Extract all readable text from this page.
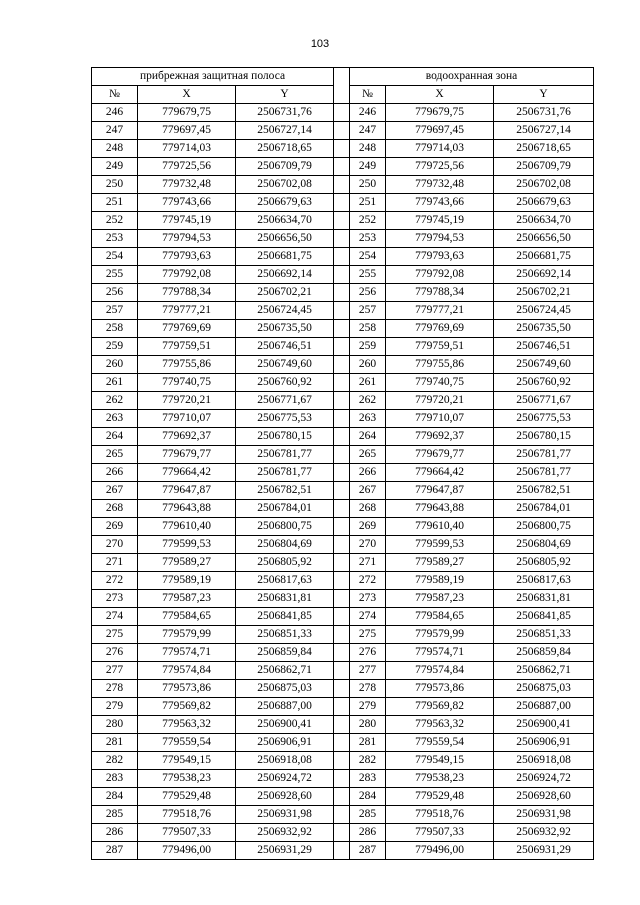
103
прибрежная защитная полоса				водоохранная зона		
№	X	Y		№	X	Y
246	779679,75	2506731,76		246	779679,75	2506731,76
247	779697,45	2506727,14		247	779697,45	2506727,14
248	779714,03	2506718,65		248	779714,03	2506718,65
249	779725,56	2506709,79		249	779725,56	2506709,79
250	779732,48	2506702,08		250	779732,48	2506702,08
251	779743,66	2506679,63		251	779743,66	2506679,63
252	779745,19	2506634,70		252	779745,19	2506634,70
253	779794,53	2506656,50		253	779794,53	2506656,50
254	779793,63	2506681,75		254	779793,63	2506681,75
255	779792,08	2506692,14		255	779792,08	2506692,14
256	779788,34	2506702,21		256	779788,34	2506702,21
257	779777,21	2506724,45		257	779777,21	2506724,45
258	779769,69	2506735,50		258	779769,69	2506735,50
259	779759,51	2506746,51		259	779759,51	2506746,51
260	779755,86	2506749,60		260	779755,86	2506749,60
261	779740,75	2506760,92		261	779740,75	2506760,92
262	779720,21	2506771,67		262	779720,21	2506771,67
263	779710,07	2506775,53		263	779710,07	2506775,53
264	779692,37	2506780,15		264	779692,37	2506780,15
265	779679,77	2506781,77		265	779679,77	2506781,77
266	779664,42	2506781,77		266	779664,42	2506781,77
267	779647,87	2506782,51		267	779647,87	2506782,51
268	779643,88	2506784,01		268	779643,88	2506784,01
269	779610,40	2506800,75		269	779610,40	2506800,75
270	779599,53	2506804,69		270	779599,53	2506804,69
271	779589,27	2506805,92		271	779589,27	2506805,92
272	779589,19	2506817,63		272	779589,19	2506817,63
273	779587,23	2506831,81		273	779587,23	2506831,81
274	779584,65	2506841,85		274	779584,65	2506841,85
275	779579,99	2506851,33		275	779579,99	2506851,33
276	779574,71	2506859,84		276	779574,71	2506859,84
277	779574,84	2506862,71		277	779574,84	2506862,71
278	779573,86	2506875,03		278	779573,86	2506875,03
279	779569,82	2506887,00		279	779569,82	2506887,00
280	779563,32	2506900,41		280	779563,32	2506900,41
281	779559,54	2506906,91		281	779559,54	2506906,91
282	779549,15	2506918,08		282	779549,15	2506918,08
283	779538,23	2506924,72		283	779538,23	2506924,72
284	779529,48	2506928,60		284	779529,48	2506928,60
285	779518,76	2506931,98		285	779518,76	2506931,98
286	779507,33	2506932,92		286	779507,33	2506932,92
287	779496,00	2506931,29		287	779496,00	2506931,29
